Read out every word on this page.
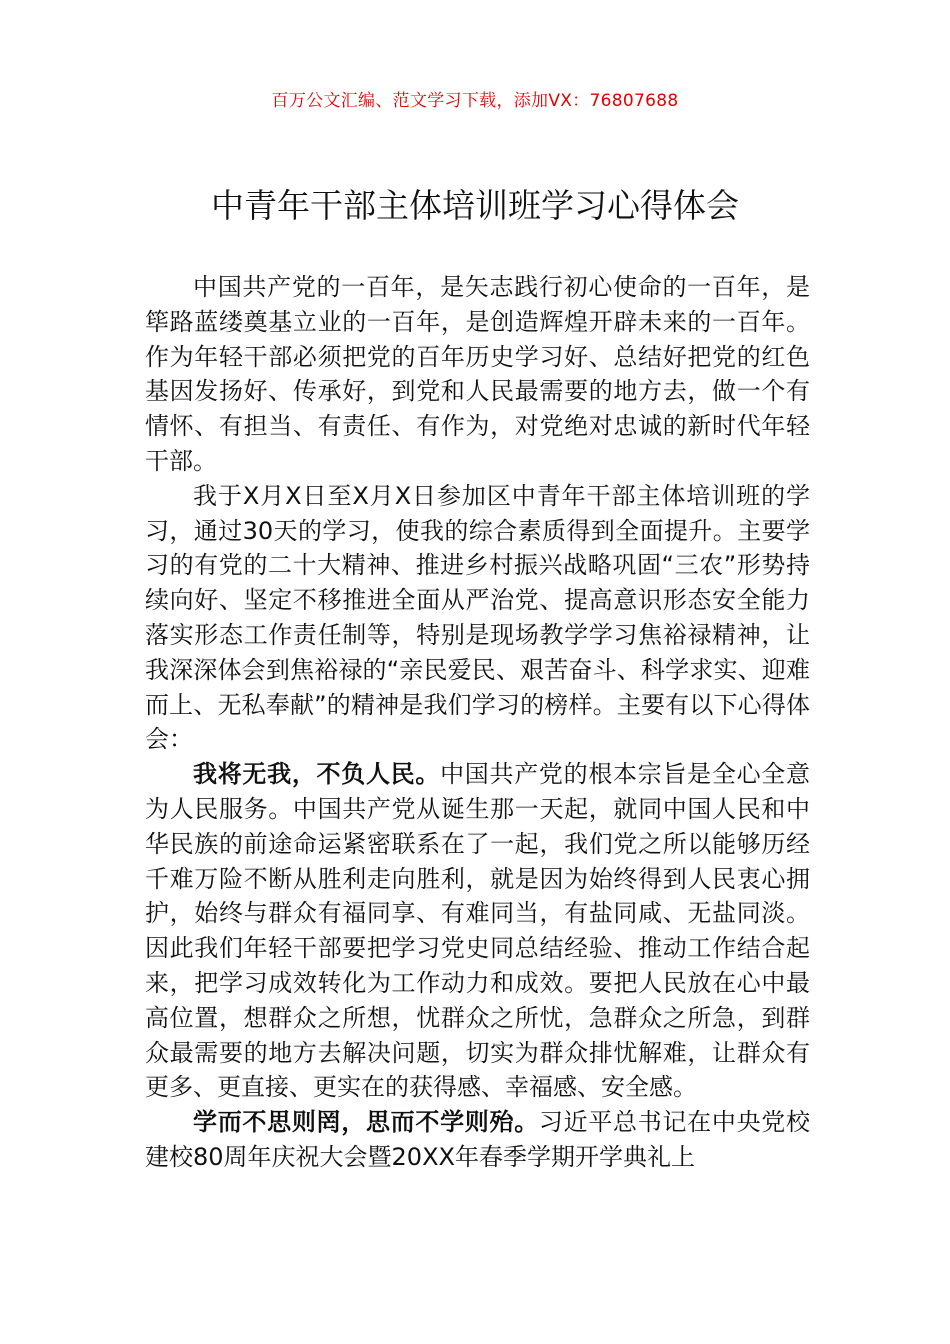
百万公文汇编、范文学习下载，添加VX：76807688
中青年干部主体培训班学习心得体会

中国共产党的一百年，是矢志践行初心使命的一百年，是筚路蓝缕奠基立业的一百年，是创造辉煌开辟未来的一百年。作为年轻干部必须把党的百年历史学习好、总结好把党的红色基因发扬好、传承好，到党和人民最需要的地方去，做一个有情怀、有担当、有责任、有作为，对党绝对忠诚的新时代年轻干部。

我于X月X日至X月X日参加区中青年干部主体培训班的学习，通过30天的学习，使我的综合素质得到全面提升。主要学习的有党的二十大精神、推进乡村振兴战略巩固“三农”形势持续向好、坚定不移推进全面从严治党、提高意识形态安全能力落实形态工作责任制等，特别是现场教学学习焦裕禄精神，让我深深体会到焦裕禄的“亲民爱民、艰苦奋斗、科学求实、迎难而上、无私奉献”的精神是我们学习的榜样。主要有以下心得体会：

我将无我，不负人民。中国共产党的根本宗旨是全心全意为人民服务。中国共产党从诞生那一天起，就同中国人民和中华民族的前途命运紧密联系在了一起，我们党之所以能够历经千难万险不断从胜利走向胜利，就是因为始终得到人民衷心拥护，始终与群众有福同享、有难同当，有盐同咸、无盐同淡。因此我们年轻干部要把学习党史同总结经验、推动工作结合起来，把学习成效转化为工作动力和成效。要把人民放在心中最高位置，想群众之所想，忧群众之所忧，急群众之所急，到群众最需要的地方去解决问题，切实为群众排忧解难，让群众有更多、更直接、更实在的获得感、幸福感、安全感。

学而不思则罔，思而不学则殆。习近平总书记在中央党校建校80周年庆祝大会暨20XX年春季学期开学典礼上
